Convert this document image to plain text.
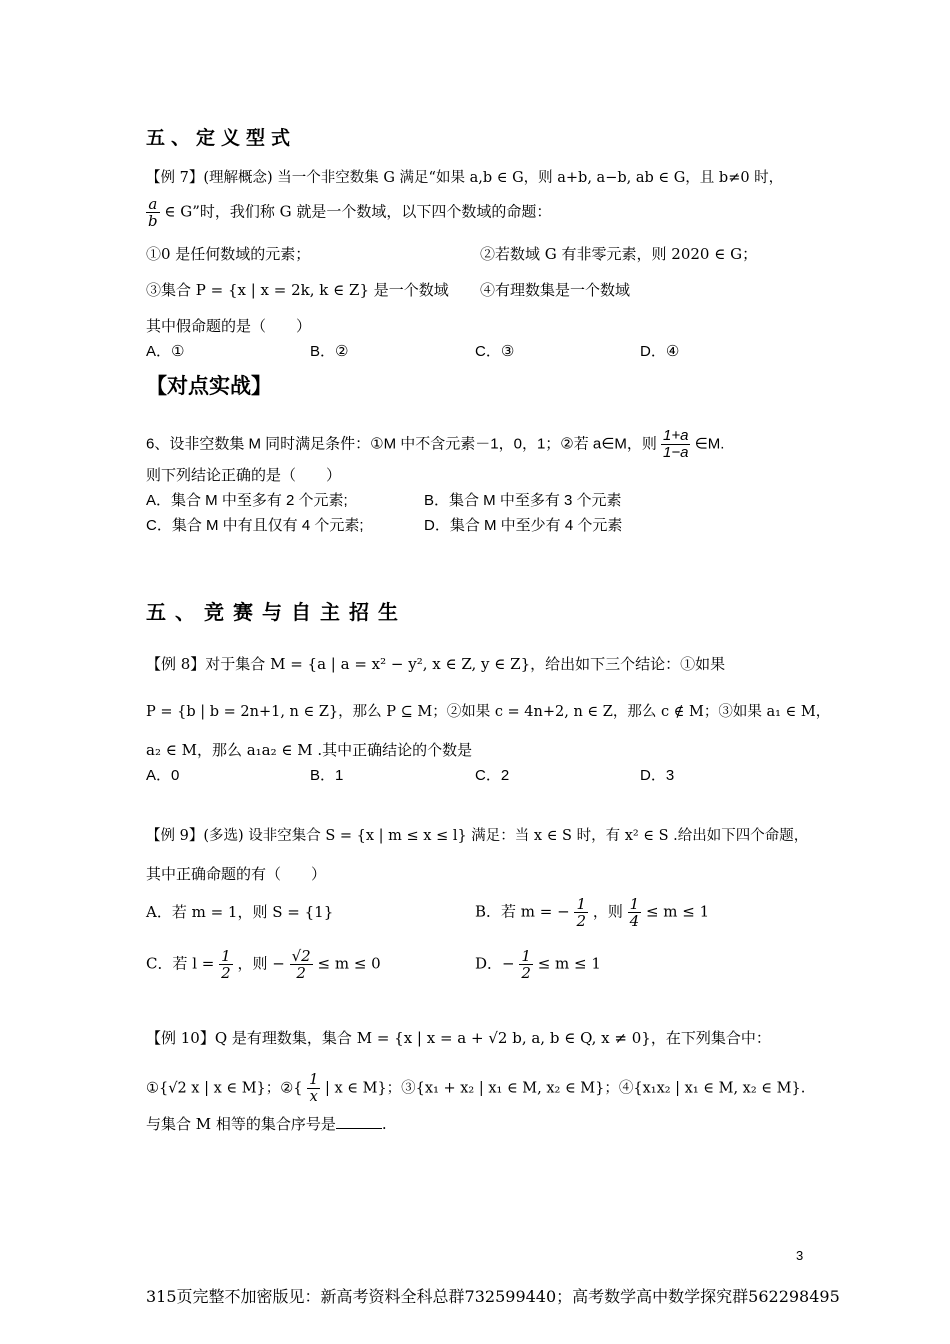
五、定义型式
【例 7】(理解概念) 当一个非空数集 G 满足“如果 a,b ∈ G，则 a+b, a−b, ab ∈ G，且 b≠0 时，
$\frac{a}{b}$ ∈ G”时，我们称 G 就是一个数域，以下四个数域的命题：
①0 是任何数域的元素；	②若数域 G 有非零元素，则 2020 ∈ G；
③集合 P = {x | x = 2k, k ∈ Z} 是一个数域 ④有理数集是一个数域
其中假命题的是（　　）
A．①	B．②	C．③	D．④
【对点实战】
6、设非空数集 M 同时满足条件：①M 中不含元素－1，0，1；②若 a∈M，则 $\frac{1+a}{1-a}$ ∈M.
则下列结论正确的是（　　）
A．集合 M 中至多有 2 个元素;	B．集合 M 中至多有 3 个元素
C．集合 M 中有且仅有 4 个元素;	D．集合 M 中至少有 4 个元素
五、竞赛与自主招生
【例 8】对于集合 M = {a | a = x² − y², x ∈ Z, y ∈ Z}，给出如下三个结论：①如果
P = {b | b = 2n+1, n ∈ Z}，那么 P ⊆ M；②如果 c = 4n+2, n ∈ Z，那么 c ∉ M；③如果 a₁ ∈ M，
a₂ ∈ M，那么 a₁a₂ ∈ M .其中正确结论的个数是
A．0	B．1	C．2	D．3
【例 9】(多选) 设非空集合 S = {x | m ≤ x ≤ l} 满足：当 x ∈ S 时，有 x² ∈ S .给出如下四个命题，
其中正确命题的有（　　）
A．若 m = 1，则 S = {1}	B．若 m = − $\frac{1}{2}$ ，则 $\frac{1}{4} \le m \le 1$
C．若 $l = \frac{1}{2}$ ，则 − $\frac{√2}{2} \le m \le 0$	D．− $\frac{1}{2} \le m \le 1$
【例 10】Q 是有理数集，集合 M = {x | x = a + √2 b, a, b ∈ Q, x ≠ 0}，在下列集合中：
①{√2 x | x ∈ M}；②{ $\frac{1}{x}$ | x ∈ M}；③{x₁ + x₂ | x₁ ∈ M, x₂ ∈ M}；④{x₁x₂ | x₁ ∈ M, x₂ ∈ M}.
与集合 M 相等的集合序号是	.
3
315页完整不加密版见：新高考资料全科总群732599440；高考数学高中数学探究群562298495
